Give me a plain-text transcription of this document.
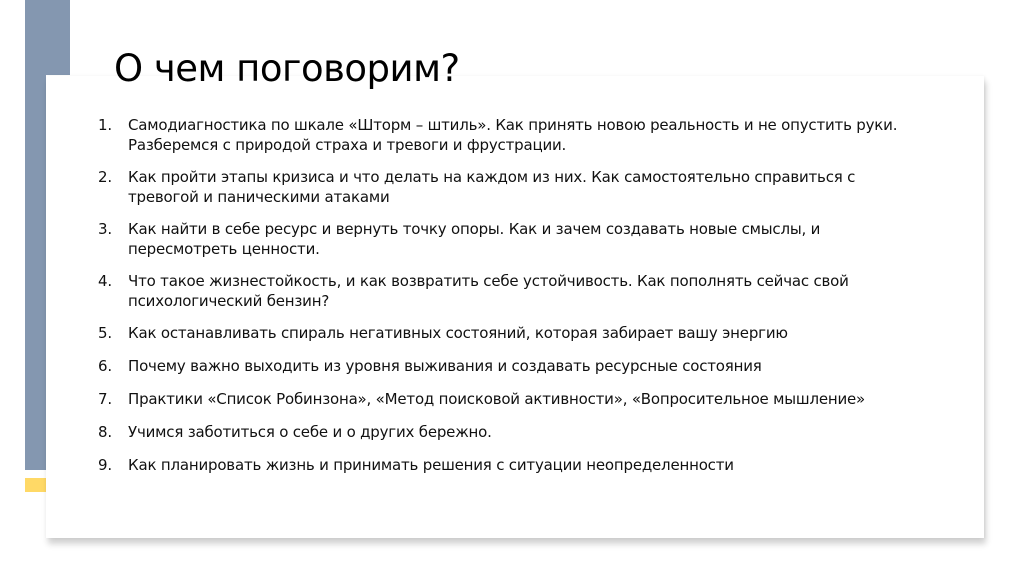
О чем поговорим?
1.	Самодиагностика по шкале «Шторм – штиль». Как принять новою реальность и не опустить руки. Разберемся с природой страха и тревоги и фрустрации.
2.	Как пройти этапы кризиса и что делать на каждом из них. Как самостоятельно справиться с тревогой и паническими атаками
3.	Как найти в себе ресурс и вернуть точку опоры. Как и зачем создавать новые смыслы, и пересмотреть ценности.
4.	Что такое жизнестойкость, и как возвратить себе устойчивость. Как пополнять сейчас свой психологический бензин?
5.	Как останавливать спираль негативных состояний, которая забирает вашу энергию
6.	Почему важно выходить из уровня выживания и создавать ресурсные состояния
7.	Практики «Список Робинзона», «Метод поисковой активности», «Вопросительное мышление»
8.	Учимся заботиться о себе и о других бережно.
9.	Как планировать жизнь и принимать решения с ситуации неопределенности
